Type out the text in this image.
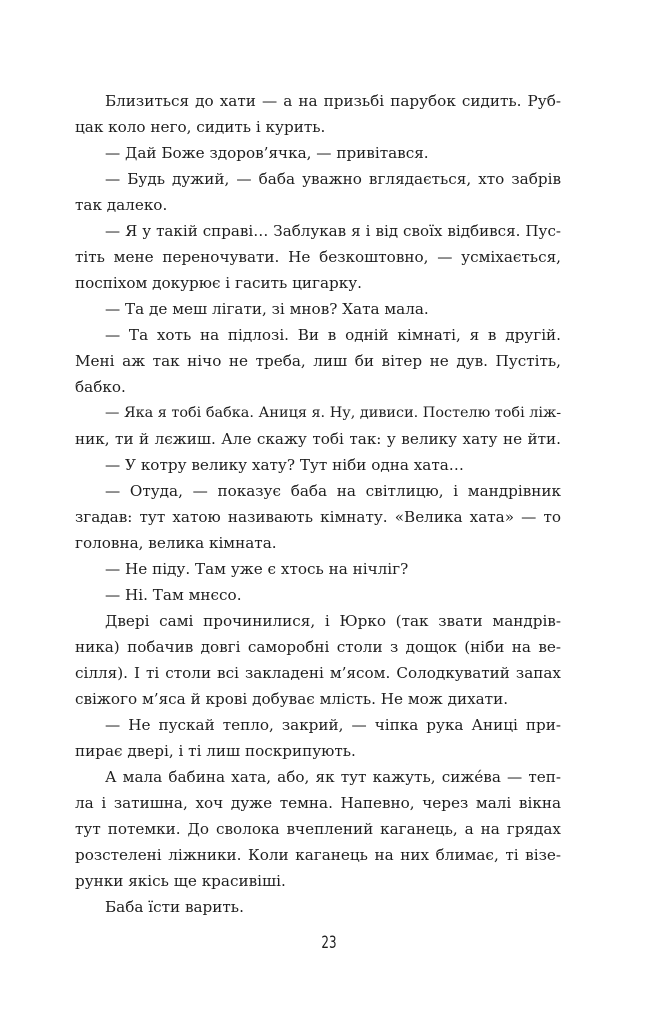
Близиться до хати — а на призьбі парубок сидить. Руб-
цак коло него, сидить і курить.
— Дай Боже здоров’ячка, — привітався.
— Будь дужий, — баба уважно вглядається, хто забрів
так далеко.
— Я у такій справі… Заблукав я і від своїх відбився. Пус-
тіть мене переночувати. Не безкоштовно, — усміхається,
поспіхом докурює і гасить цигарку.
— Та де меш лігати, зі мнов? Хата мала.
— Та хоть на підлозі. Ви в одній кімнаті, я в другій.
Мені аж так нічо не треба, лиш би вітер не дув. Пустіть,
бабко.
— Яка я тобі бабка. Аниця я. Ну, дивиси. Постелю тобі ліж-
ник, ти й лєжиш. Але скажу тобі так: у велику хату не йти.
— У котру велику хату? Тут ніби одна хата…
— Отуда, — показує баба на світлицю, і мандрівник
згадав: тут хатою називають кімнату. «Велика хата» — то
головна, велика кімната.
— Не піду. Там уже є хтось на нічліг?
— Ні. Там мнєсо.
Двері самі прочинилися, і Юрко (так звати мандрів-
ника) побачив довгі саморобні столи з дощок (ніби на ве-
сілля). І ті столи всі закладені м’ясом. Солодкуватий запах
свіжого м’яса й крові добуває млість. Не мож дихати.
— Не пускай тепло, закрий, — чіпка рука Аниці при-
пирає двері, і ті лиш поскрипують.
А мала бабина хата, або, як тут кажуть, сижéва — теп-
ла і затишна, хоч дуже темна. Напевно, через малі вікна
тут потемки. До сволока вчеплений каганець, а на грядах
розстелені ліжники. Коли каганець на них блимає, ті візе-
рунки якісь ще красивіші.
Баба їсти варить.
23
